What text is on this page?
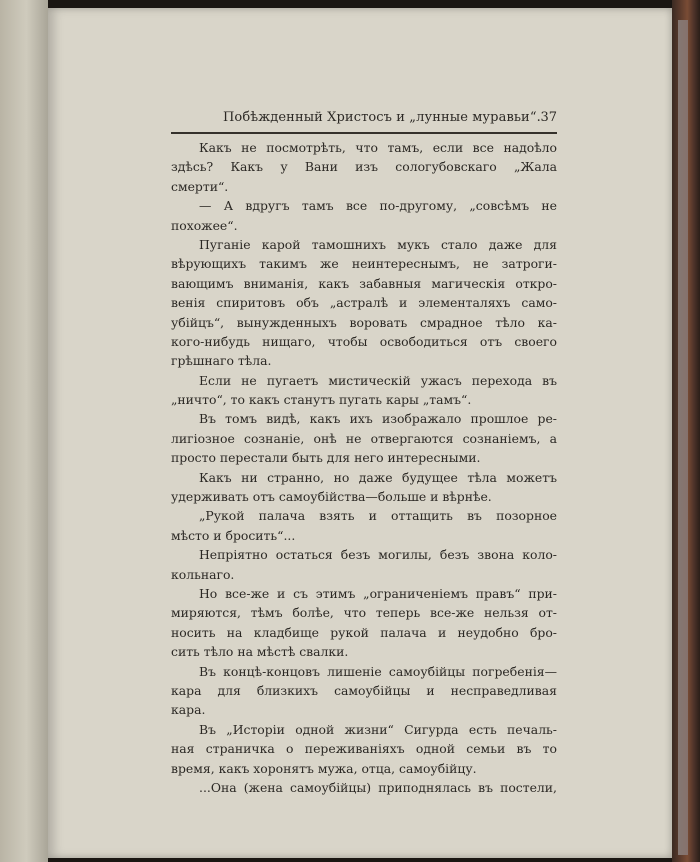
Побѣжденный Христосъ и „лунные муравьи“. 37
Какъ не посмотрѣть, что тамъ, если все надоѣло
здѣсь? Какъ у Вани изъ сологубовскаго „Жала
смерти“.
— А вдругъ тамъ все по-другому, „совсѣмъ не
похожее“.
Пуганіе карой тамошнихъ мукъ стало даже для
вѣрующихъ такимъ же неинтереснымъ, не затроги-
вающимъ вниманія, какъ забавныя магическія откро-
венія спиритовъ объ „астралѣ и элементаляхъ само-
убійцъ“, вынужденныхъ воровать смрадное тѣло ка-
кого-нибудь нищаго, чтобы освободиться отъ своего
грѣшнаго тѣла.
Если не пугаетъ мистическій ужасъ перехода въ
„ничто“, то какъ станутъ пугать кары „тамъ“.
Въ томъ видѣ, какъ ихъ изображало прошлое ре-
лигіозное сознаніе, онѣ не отвергаются сознаніемъ, а
просто перестали быть для него интересными.
Какъ ни странно, но даже будущее тѣла можетъ
удерживать отъ самоубійства—больше и вѣрнѣе.
„Рукой палача взять и оттащить въ позорное
мѣсто и бросить“...
Непріятно остаться безъ могилы, безъ звона коло-
кольнаго.
Но все-же и съ этимъ „ограниченіемъ правъ“ при-
миряются, тѣмъ болѣе, что теперь все-же нельзя от-
носить на кладбище рукой палача и неудобно бро-
сить тѣло на мѣстѣ свалки.
Въ концѣ-концовъ лишеніе самоубійцы погребенія—
кара для близкихъ самоубійцы и несправедливая
кара.
Въ „Исторіи одной жизни“ Сигурда есть печаль-
ная страничка о переживаніяхъ одной семьи въ то
время, какъ хоронятъ мужа, отца, самоубійцу.
...Она (жена самоубійцы) приподнялась въ постели,
